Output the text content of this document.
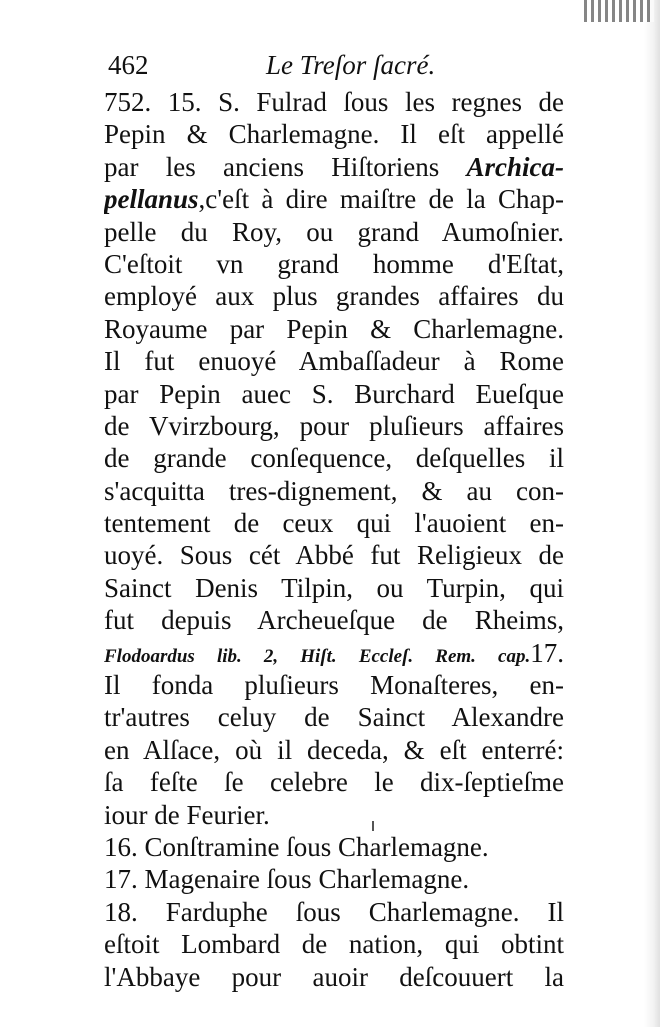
462	Le Treſor ſacré.
752. 15. S. Fulrad ſous les regnes de
Pepin & Charlemagne. Il eſt appellé
par les anciens Hiſtoriens Archica-
pellanus,c'eſt à dire maiſtre de la Chap-
pelle du Roy, ou grand Aumoſnier.
C'eſtoit vn grand homme d'Eſtat,
employé aux plus grandes affaires du
Royaume par Pepin & Charlemagne.
Il fut enuoyé Ambaſſadeur à Rome
par Pepin auec S. Burchard Eueſque
de Vvirzbourg, pour pluſieurs affaires
de grande conſequence, deſquelles il
s'acquitta tres-dignement, & au con-
tentement de ceux qui l'auoient en-
uoyé. Sous cét Abbé fut Religieux de
Sainct Denis Tilpin, ou Turpin, qui
fut depuis Archeueſque de Rheims,
Flodoardus lib. 2, Hiſt. Eccleſ. Rem. cap.17.
Il fonda pluſieurs Monaſteres, en-
tr'autres celuy de Sainct Alexandre
en Alſace, où il deceda, & eſt enterré:
ſa feſte ſe celebre le dix-ſeptieſme
iour de Feurier.
16. Conſtramine ſous Charlemagne.
17. Magenaire ſous Charlemagne.
18. Farduphe ſous Charlemagne. Il
eſtoit Lombard de nation, qui obtint
l'Abbaye pour auoir deſcouuert la
